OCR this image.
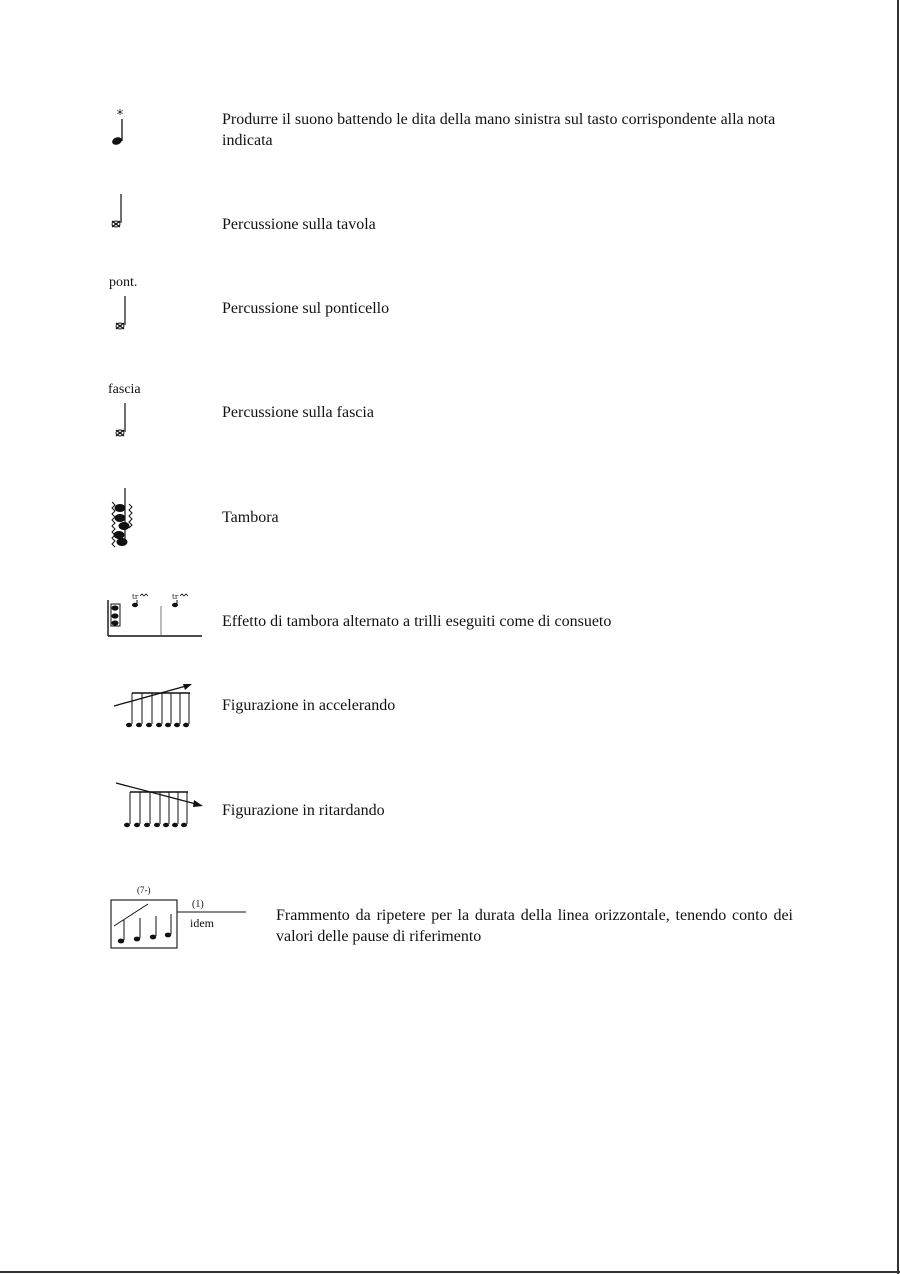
*	Produrre il suono battendo le dita della mano sinistra sul tasto corrispondente alla nota indicata
Percussione sulla tavola
pont.
Percussione sul ponticello
fascia
Percussione sulla fascia
Tambora
tr	tr
Effetto di tambora alternato a trilli eseguiti come di consueto
Figurazione in accelerando
Figurazione in ritardando
(7-)
(1)
idem	Frammento da ripetere per la durata della linea orizzontale, tenendo conto dei valori delle pause di riferimento
